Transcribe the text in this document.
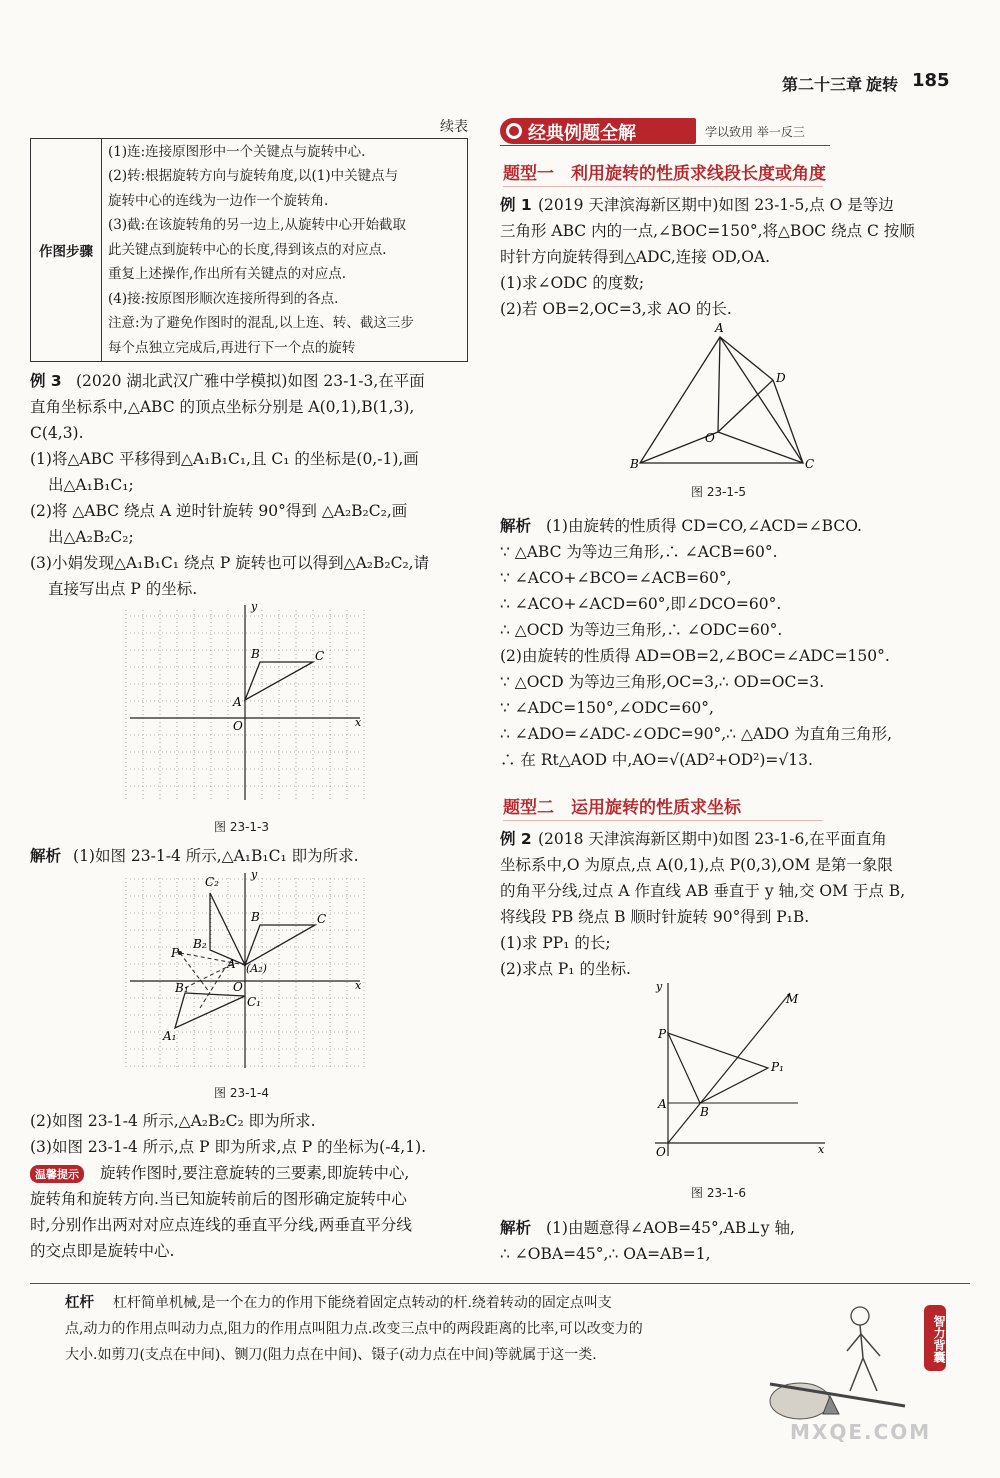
第二十三章 旋转 185
续表
作图步骤	
(1)连:连接原图形中一个关键点与旋转中心.
(2)转:根据旋转方向与旋转角度,以(1)中关键点与
旋转中心的连线为一边作一个旋转角.
(3)截:在该旋转角的另一边上,从旋转中心开始截取
此关键点到旋转中心的长度,得到该点的对应点.
重复上述操作,作出所有关键点的对应点.
(4)接:按原图形顺次连接所得到的各点.
注意:为了避免作图时的混乱,以上连、转、截这三步
每个点独立完成后,再进行下一个点的旋转
例 3 (2020 湖北武汉广雅中学模拟)如图 23-1-3,在平面
直角坐标系中,△ABC 的顶点坐标分别是 A(0,1),B(1,3),
C(4,3).
(1)将△ABC 平移得到△A₁B₁C₁,且 C₁ 的坐标是(0,-1),画
出△A₁B₁C₁;
(2)将 △ABC 绕点 A 逆时针旋转 90°得到 △A₂B₂C₂,画
出△A₂B₂C₂;
(3)小娟发现△A₁B₁C₁ 绕点 P 旋转也可以得到△A₂B₂C₂,请
直接写出点 P 的坐标.
y
x
O
A
B	C
图 23-1-3
解析 (1)如图 23-1-4 所示,△A₁B₁C₁ 即为所求.
y
x
O
C₂
B	C
B₂
P
A (A₂)
B₁
C₁
A₁
图 23-1-4
(2)如图 23-1-4 所示,△A₂B₂C₂ 即为所求.
(3)如图 23-1-4 所示,点 P 即为所求,点 P 的坐标为(-4,1).
温馨提示	旋转作图时,要注意旋转的三要素,即旋转中心,
旋转角和旋转方向.当已知旋转前后的图形确定旋转中心
时,分别作出两对对应点连线的垂直平分线,两垂直平分线
的交点即是旋转中心.
经典例题全解	学以致用 举一反三
题型一　利用旋转的性质求线段长度或角度
例 1 (2019 天津滨海新区期中)如图 23-1-5,点 O 是等边
三角形 ABC 内的一点,∠BOC=150°,将△BOC 绕点 C 按顺
时针方向旋转得到△ADC,连接 OD,OA.
(1)求∠ODC 的度数;
(2)若 OB=2,OC=3,求 AO 的长.
A
B	C
D
O
图 23-1-5
解析 (1)由旋转的性质得 CD=CO,∠ACD=∠BCO.
∵ △ABC 为等边三角形,∴ ∠ACB=60°.
∵ ∠ACO+∠BCO=∠ACB=60°,
∴ ∠ACO+∠ACD=60°,即∠DCO=60°.
∴ △OCD 为等边三角形,∴ ∠ODC=60°.
(2)由旋转的性质得 AD=OB=2,∠BOC=∠ADC=150°.
∵ △OCD 为等边三角形,OC=3,∴ OD=OC=3.
∵ ∠ADC=150°,∠ODC=60°,
∴ ∠ADO=∠ADC-∠ODC=90°,∴ △ADO 为直角三角形,
∴ 在 Rt△AOD 中,AO=√(AD²+OD²)=√13.
题型二　运用旋转的性质求坐标
例 2 (2018 天津滨海新区期中)如图 23-1-6,在平面直角
坐标系中,O 为原点,点 A(0,1),点 P(0,3),OM 是第一象限
的角平分线,过点 A 作直线 AB 垂直于 y 轴,交 OM 于点 B,
将线段 PB 绕点 B 顺时针旋转 90°得到 P₁B.
(1)求 PP₁ 的长;
(2)求点 P₁ 的坐标.
y
x
O
P
A
B
P₁
M
图 23-1-6
解析 (1)由题意得∠AOB=45°,AB⊥y 轴,
∴ ∠OBA=45°,∴ OA=AB=1,
杠杆	杠杆简单机械,是一个在力的作用下能绕着固定点转动的杆.绕着转动的固定点叫支
点,动力的作用点叫动力点,阻力的作用点叫阻力点.改变三点中的两段距离的比率,可以改变力的
大小.如剪刀(支点在中间)、铡刀(阻力点在中间)、镊子(动力点在中间)等就属于这一类.	智力背囊
MXQE.COM
